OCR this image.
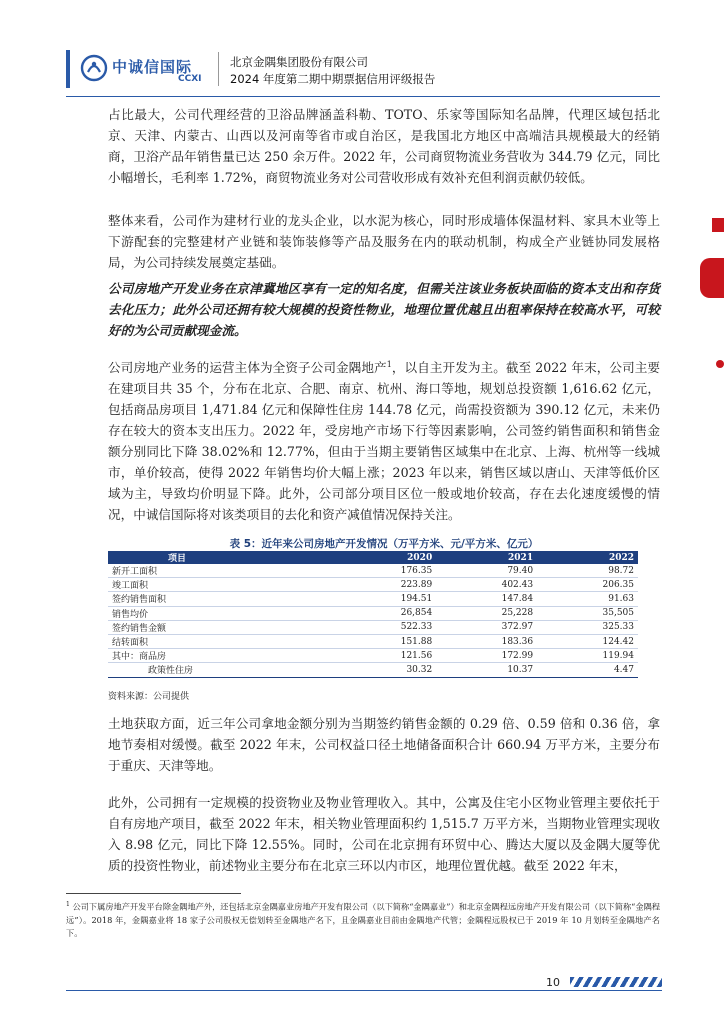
中诚信国际
CCXI
北京金隅集团股份有限公司
2024 年度第二期中期票据信用评级报告

占比最大，公司代理经营的卫浴品牌涵盖科勒、TOTO、乐家等国际知名品牌，代理区域包括北京、天津、内蒙古、山西以及河南等省市或自治区，是我国北方地区中高端洁具规模最大的经销商，卫浴产品年销售量已达 250 余万件。2022 年，公司商贸物流业务营收为 344.79 亿元，同比小幅增长，毛利率 1.72%，商贸物流业务对公司营收形成有效补充但利润贡献仍较低。

整体来看，公司作为建材行业的龙头企业，以水泥为核心，同时形成墙体保温材料、家具木业等上下游配套的完整建材产业链和装饰装修等产品及服务在内的联动机制，构成全产业链协同发展格局，为公司持续发展奠定基础。

公司房地产开发业务在京津冀地区享有一定的知名度，但需关注该业务板块面临的资本支出和存货去化压力；此外公司还拥有较大规模的投资性物业，地理位置优越且出租率保持在较高水平，可较好的为公司贡献现金流。

公司房地产业务的运营主体为全资子公司金隅地产$^1$，以自主开发为主。截至 2022 年末，公司主要在建项目共 35 个，分布在北京、合肥、南京、杭州、海口等地，规划总投资额 1,616.62 亿元，包括商品房项目 1,471.84 亿元和保障性住房 144.78 亿元，尚需投资额为 390.12 亿元，未来仍存在较大的资本支出压力。2022 年，受房地产市场下行等因素影响，公司签约销售面积和销售金额分别同比下降 38.02%和 12.77%，但由于当期主要销售区域集中在北京、上海、杭州等一线城市，单价较高，使得 2022 年销售均价大幅上涨；2023 年以来，销售区域以唐山、天津等低价区域为主，导致均价明显下降。此外，公司部分项目区位一般或地价较高，存在去化速度缓慢的情况，中诚信国际将对该类项目的去化和资产减值情况保持关注。

表 5：近年来公司房地产开发情况（万平方米、元/平方米、亿元）
项目	2020	2021	2022
新开工面积	176.35	79.40	98.72
竣工面积	223.89	402.43	206.35
签约销售面积	194.51	147.84	91.63
销售均价	26,854	25,228	35,505
签约销售金额	522.33	372.97	325.33
结转面积	151.88	183.36	124.42
其中：商品房	121.56	172.99	119.94
政策性住房	30.32	10.37	4.47
资料来源：公司提供

土地获取方面，近三年公司拿地金额分别为当期签约销售金额的 0.29 倍、0.59 倍和 0.36 倍，拿地节奏相对缓慢。截至 2022 年末，公司权益口径土地储备面积合计 660.94 万平方米，主要分布于重庆、天津等地。

此外，公司拥有一定规模的投资物业及物业管理收入。其中，公寓及住宅小区物业管理主要依托于自有房地产项目，截至 2022 年末，相关物业管理面积约 1,515.7 万平方米，当期物业管理实现收入 8.98 亿元，同比下降 12.55%。同时，公司在北京拥有环贸中心、腾达大厦以及金隅大厦等优质的投资性物业，前述物业主要分布在北京三环以内市区，地理位置优越。截至 2022 年末，

$^1$ 公司下属房地产开发平台除金隅地产外，还包括北京金隅嘉业房地产开发有限公司（以下简称“金隅嘉业”）和北京金隅程远房地产开发有限公司（以下简称“金隅程远”）。2018 年，金隅嘉业将 18 家子公司股权无偿划转至金隅地产名下，且金隅嘉业目前由金隅地产代管；金隅程远股权已于 2019 年 10 月划转至金隅地产名下。

10
